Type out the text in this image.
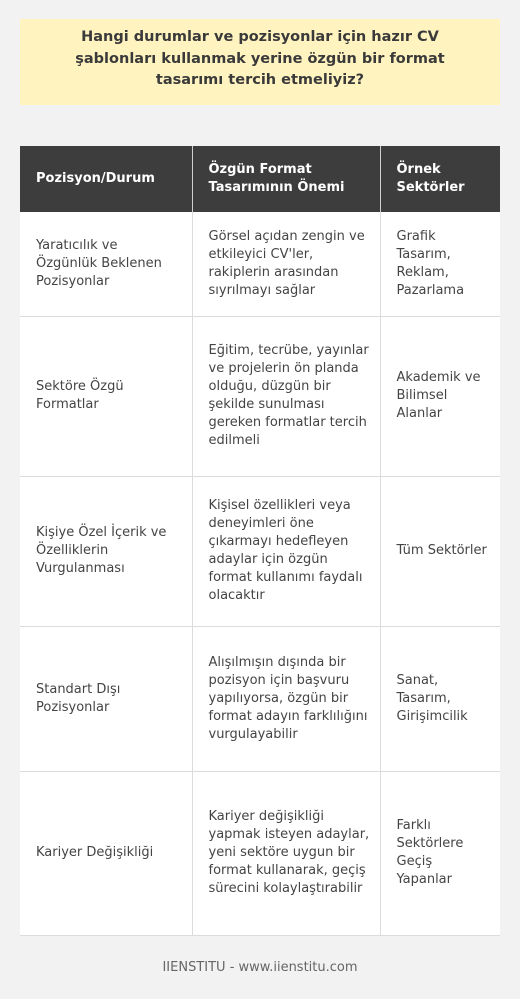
Hangi durumlar ve pozisyonlar için hazır CV şablonları kullanmak yerine özgün bir format tasarımı tercih etmeliyiz?
Pozisyon/Durum	Özgün Format Tasarımının Önemi	Örnek Sektörler
Yaratıcılık ve Özgünlük Beklenen Pozisyonlar	Görsel açıdan zengin ve etkileyici CV'ler, rakiplerin arasından sıyrılmayı sağlar	Grafik Tasarım, Reklam, Pazarlama
Sektöre Özgü Formatlar	Eğitim, tecrübe, yayınlar ve projelerin ön planda olduğu, düzgün bir şekilde sunulması gereken formatlar tercih edilmeli	Akademik ve Bilimsel Alanlar
Kişiye Özel İçerik ve Özelliklerin Vurgulanması	Kişisel özellikleri veya deneyimleri öne çıkarmayı hedefleyen adaylar için özgün format kullanımı faydalı olacaktır	Tüm Sektörler
Standart Dışı Pozisyonlar	Alışılmışın dışında bir pozisyon için başvuru yapılıyorsa, özgün bir format adayın farklılığını vurgulayabilir	Sanat, Tasarım, Girişimcilik
Kariyer Değişikliği	Kariyer değişikliği yapmak isteyen adaylar, yeni sektöre uygun bir format kullanarak, geçiş sürecini kolaylaştırabilir	Farklı Sektörlere Geçiş Yapanlar
IIENSTITU - www.iienstitu.com
